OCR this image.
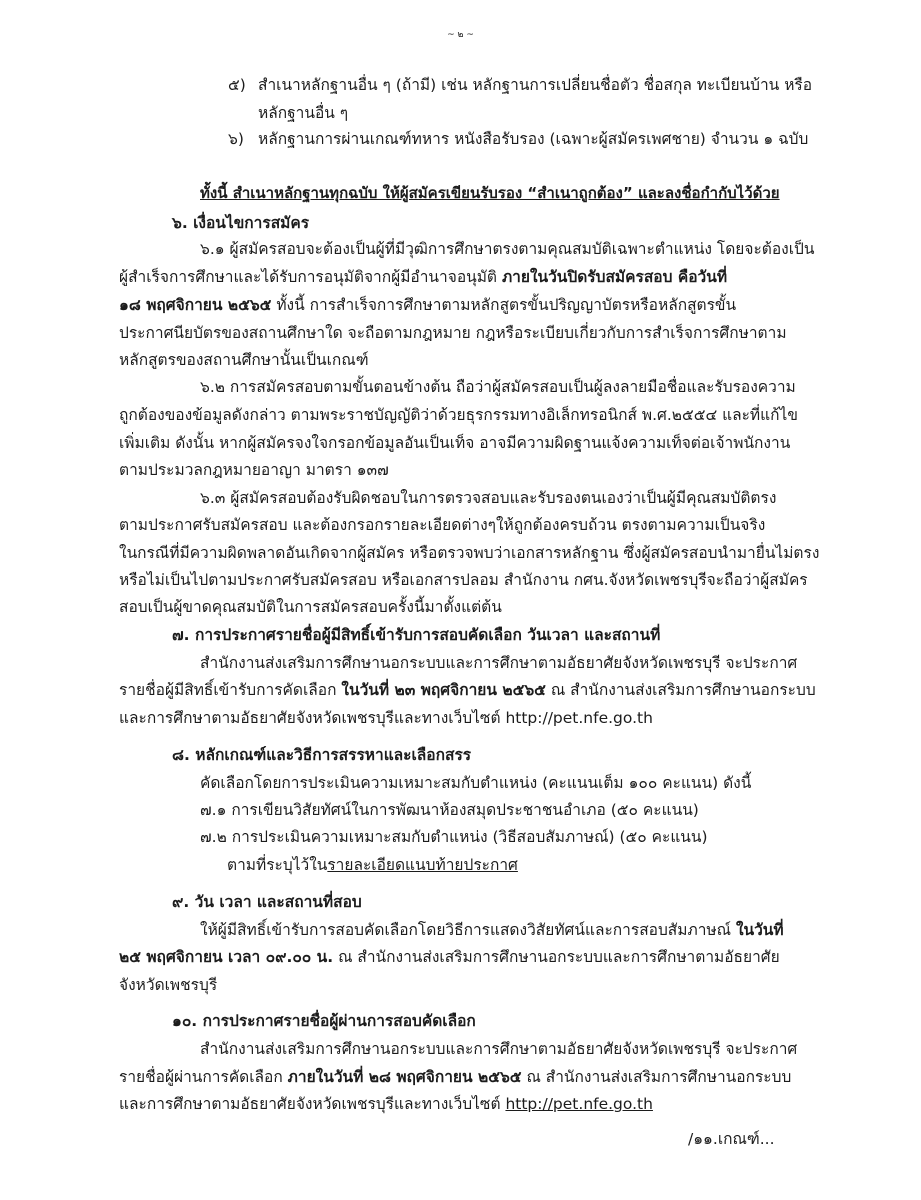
~ ๒ ~
๕) สำเนาหลักฐานอื่น ๆ (ถ้ามี) เช่น หลักฐานการเปลี่ยนชื่อตัว ชื่อสกุล ทะเบียนบ้าน หรือ
หลักฐานอื่น ๆ
๖) หลักฐานการผ่านเกณฑ์ทหาร หนังสือรับรอง (เฉพาะผู้สมัครเพศชาย) จำนวน ๑ ฉบับ
ทั้งนี้ สำเนาหลักฐานทุกฉบับ ให้ผู้สมัครเขียนรับรอง “สำเนาถูกต้อง” และลงชื่อกำกับไว้ด้วย
๖. เงื่อนไขการสมัคร
๖.๑ ผู้สมัครสอบจะต้องเป็นผู้ที่มีวุฒิการศึกษาตรงตามคุณสมบัติเฉพาะตำแหน่ง โดยจะต้องเป็น
ผู้สำเร็จการศึกษาและได้รับการอนุมัติจากผู้มีอำนาจอนุมัติ ภายในวันปิดรับสมัครสอบ คือวันที่
๑๘ พฤศจิกายน ๒๕๖๕ ทั้งนี้ การสำเร็จการศึกษาตามหลักสูตรขั้นปริญญาบัตรหรือหลักสูตรขั้น
ประกาศนียบัตรของสถานศึกษาใด จะถือตามกฎหมาย กฎหรือระเบียบเกี่ยวกับการสำเร็จการศึกษาตาม
หลักสูตรของสถานศึกษานั้นเป็นเกณฑ์
๖.๒ การสมัครสอบตามขั้นตอนข้างต้น ถือว่าผู้สมัครสอบเป็นผู้ลงลายมือชื่อและรับรองความ
ถูกต้องของข้อมูลดังกล่าว ตามพระราชบัญญัติว่าด้วยธุรกรรมทางอิเล็กทรอนิกส์ พ.ศ.๒๕๕๔ และที่แก้ไข
เพิ่มเติม ดังนั้น หากผู้สมัครจงใจกรอกข้อมูลอันเป็นเท็จ อาจมีความผิดฐานแจ้งความเท็จต่อเจ้าพนักงาน
ตามประมวลกฎหมายอาญา มาตรา ๑๓๗
๖.๓ ผู้สมัครสอบต้องรับผิดชอบในการตรวจสอบและรับรองตนเองว่าเป็นผู้มีคุณสมบัติตรง
ตามประกาศรับสมัครสอบ และต้องกรอกรายละเอียดต่างๆให้ถูกต้องครบถ้วน ตรงตามความเป็นจริง
ในกรณีที่มีความผิดพลาดอันเกิดจากผู้สมัคร หรือตรวจพบว่าเอกสารหลักฐาน ซึ่งผู้สมัครสอบนำมายื่นไม่ตรง
หรือไม่เป็นไปตามประกาศรับสมัครสอบ หรือเอกสารปลอม สำนักงาน กศน.จังหวัดเพชรบุรีจะถือว่าผู้สมัคร
สอบเป็นผู้ขาดคุณสมบัติในการสมัครสอบครั้งนี้มาตั้งแต่ต้น
๗. การประกาศรายชื่อผู้มีสิทธิ์เข้ารับการสอบคัดเลือก วันเวลา และสถานที่
สำนักงานส่งเสริมการศึกษานอกระบบและการศึกษาตามอัธยาศัยจังหวัดเพชรบุรี จะประกาศ
รายชื่อผู้มีสิทธิ์เข้ารับการคัดเลือก ในวันที่ ๒๓ พฤศจิกายน ๒๕๖๕ ณ สำนักงานส่งเสริมการศึกษานอกระบบ
และการศึกษาตามอัธยาศัยจังหวัดเพชรบุรีและทางเว็บไซต์ http://pet.nfe.go.th
๘. หลักเกณฑ์และวิธีการสรรหาและเลือกสรร
คัดเลือกโดยการประเมินความเหมาะสมกับตำแหน่ง (คะแนนเต็ม ๑๐๐ คะแนน) ดังนี้
๗.๑ การเขียนวิสัยทัศน์ในการพัฒนาห้องสมุดประชาชนอำเภอ (๕๐ คะแนน)
๗.๒ การประเมินความเหมาะสมกับตำแหน่ง (วิธีสอบสัมภาษณ์) (๕๐ คะแนน)
ตามที่ระบุไว้ในรายละเอียดแนบท้ายประกาศ
๙. วัน เวลา และสถานที่สอบ
ให้ผู้มีสิทธิ์เข้ารับการสอบคัดเลือกโดยวิธีการแสดงวิสัยทัศน์และการสอบสัมภาษณ์ ในวันที่
๒๕ พฤศจิกายน เวลา ๐๙.๐๐ น. ณ สำนักงานส่งเสริมการศึกษานอกระบบและการศึกษาตามอัธยาศัย
จังหวัดเพชรบุรี
๑๐. การประกาศรายชื่อผู้ผ่านการสอบคัดเลือก
สำนักงานส่งเสริมการศึกษานอกระบบและการศึกษาตามอัธยาศัยจังหวัดเพชรบุรี จะประกาศ
รายชื่อผู้ผ่านการคัดเลือก ภายในวันที่ ๒๘ พฤศจิกายน ๒๕๖๕ ณ สำนักงานส่งเสริมการศึกษานอกระบบ
และการศึกษาตามอัธยาศัยจังหวัดเพชรบุรีและทางเว็บไซต์ http://pet.nfe.go.th
/๑๑.เกณฑ์...
